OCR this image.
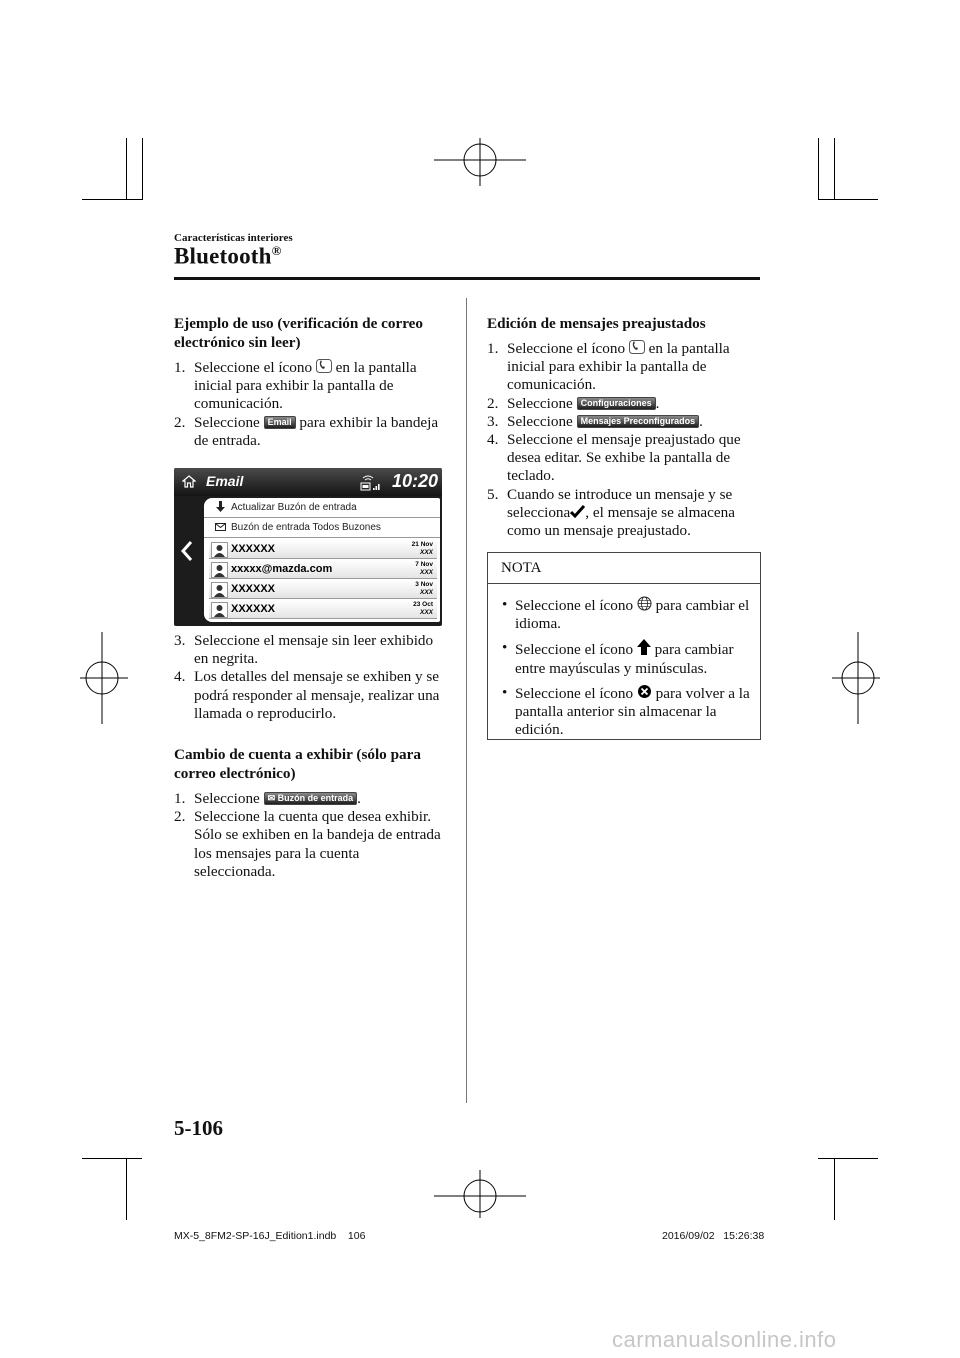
Características interiores
Bluetooth®
Ejemplo de uso (verificación de correo electrónico sin leer)
1. Seleccione el ícono en la pantalla inicial para exhibir la pantalla de comunicación.
2. Seleccione Email para exhibir la bandeja de entrada.
Email	10:20
Actualizar Buzón de entrada
Buzón de entrada Todos Buzones
XXXXXX	21 Nov
XXX
xxxxx@mazda.com	7 Nov
XXX
XXXXXX	3 Nov
XXX
XXXXXX	23 Oct
XXX
3. Seleccione el mensaje sin leer exhibido en negrita.
4. Los detalles del mensaje se exhiben y se podrá responder al mensaje, realizar una llamada o reproducirlo.
Cambio de cuenta a exhibir (sólo para correo electrónico)
1. Seleccione ✉ Buzón de entrada .
2. Seleccione la cuenta que desea exhibir. Sólo se exhiben en la bandeja de entrada los mensajes para la cuenta seleccionada.
Edición de mensajes preajustados
1. Seleccione el ícono en la pantalla inicial para exhibir la pantalla de comunicación.
2. Seleccione Configuraciones .
3. Seleccione Mensajes Preconfigurados .
4. Seleccione el mensaje preajustado que desea editar. Se exhibe la pantalla de teclado.
5. Cuando se introduce un mensaje y se selecciona , el mensaje se almacena como un mensaje preajustado.
NOTA
• Seleccione el ícono para cambiar el idioma.
• Seleccione el ícono para cambiar entre mayúsculas y minúsculas.
• Seleccione el ícono para volver a la pantalla anterior sin almacenar la edición.
5-106
MX-5_8FM2-SP-16J_Edition1.indb 106	2016/09/02   15:26:38
carmanualsonline.info
